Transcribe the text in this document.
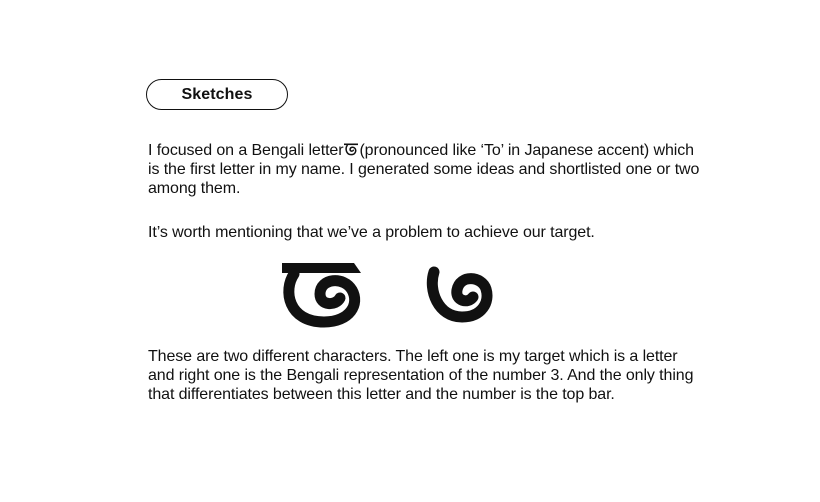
Sketches

I focused on a Bengali letter (pronounced like ‘To’ in Japanese accent) which is the first letter in my name. I generated some ideas and shortlisted one or two among them.

It’s worth mentioning that we’ve a problem to achieve our target.

These are two different characters. The left one is my target which is a letter and right one is the Bengali representation of the number 3. And the only thing that differentiates between this letter and the number is the top bar.
